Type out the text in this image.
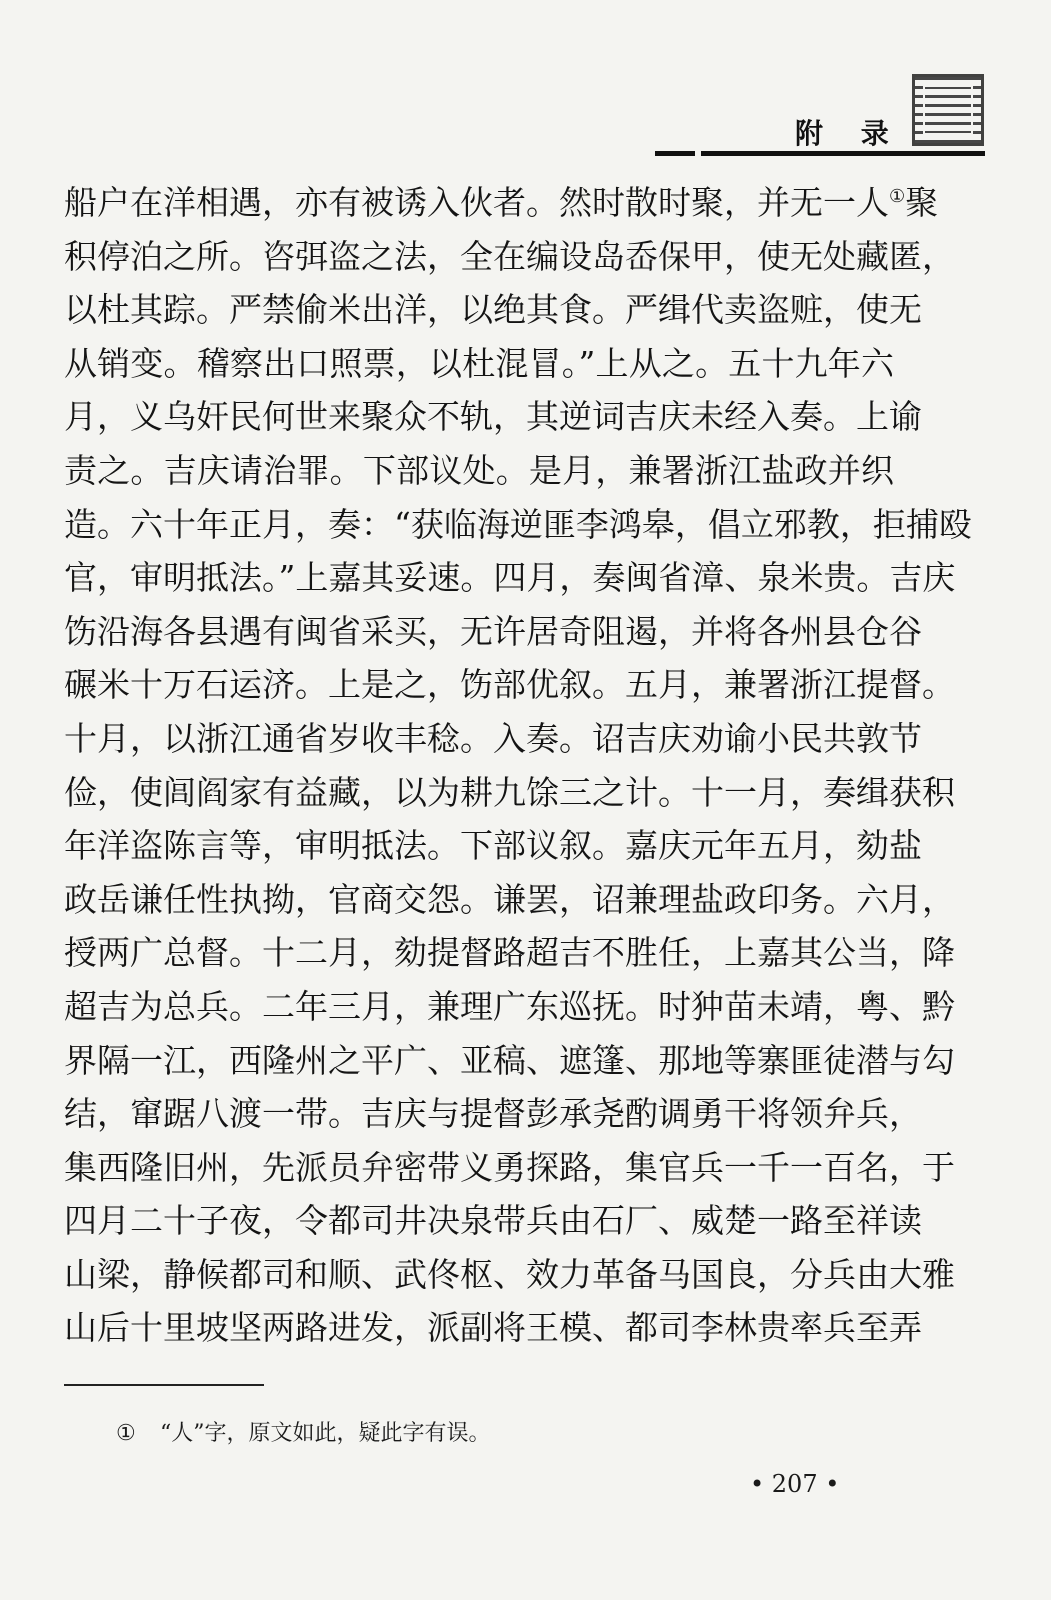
附 录
船户在洋相遇，亦有被诱入伙者。然时散时聚，并无一人①聚
积停泊之所。咨弭盗之法，全在编设岛岙保甲，使无处藏匿，
以杜其踪。严禁偷米出洋，以绝其食。严缉代卖盗赃，使无
从销变。稽察出口照票，以杜混冒。”上从之。五十九年六
月，义乌奸民何世来聚众不轨，其逆词吉庆未经入奏。上谕
责之。吉庆请治罪。下部议处。是月，兼署浙江盐政并织
造。六十年正月，奏：“获临海逆匪李鸿皋，倡立邪教，拒捕殴
官，审明抵法。”上嘉其妥速。四月，奏闽省漳、泉米贵。吉庆
饬沿海各县遇有闽省采买，无许居奇阻遏，并将各州县仓谷
碾米十万石运济。上是之，饬部优叙。五月，兼署浙江提督。
十月，以浙江通省岁收丰稔。入奏。诏吉庆劝谕小民共敦节
俭，使闾阎家有益藏，以为耕九馀三之计。十一月，奏缉获积
年洋盗陈言等，审明抵法。下部议叙。嘉庆元年五月，劾盐
政岳谦任性执拗，官商交怨。谦罢，诏兼理盐政印务。六月，
授两广总督。十二月，劾提督路超吉不胜任，上嘉其公当，降
超吉为总兵。二年三月，兼理广东巡抚。时狆苗未靖，粤、黔
界隔一江，西隆州之平广、亚稿、遮篷、那地等寨匪徒潜与勾
结，窜踞八渡一带。吉庆与提督彭承尧酌调勇干将领弁兵，
集西隆旧州，先派员弁密带义勇探路，集官兵一千一百名，于
四月二十子夜，令都司井决泉带兵由石厂、威楚一路至祥读
山梁，静候都司和顺、武佟枢、效力革备马国良，分兵由大雅
山后十里坡坚两路进发，派副将王模、都司李林贵率兵至弄
① “人”字，原文如此，疑此字有误。
• 207 •
